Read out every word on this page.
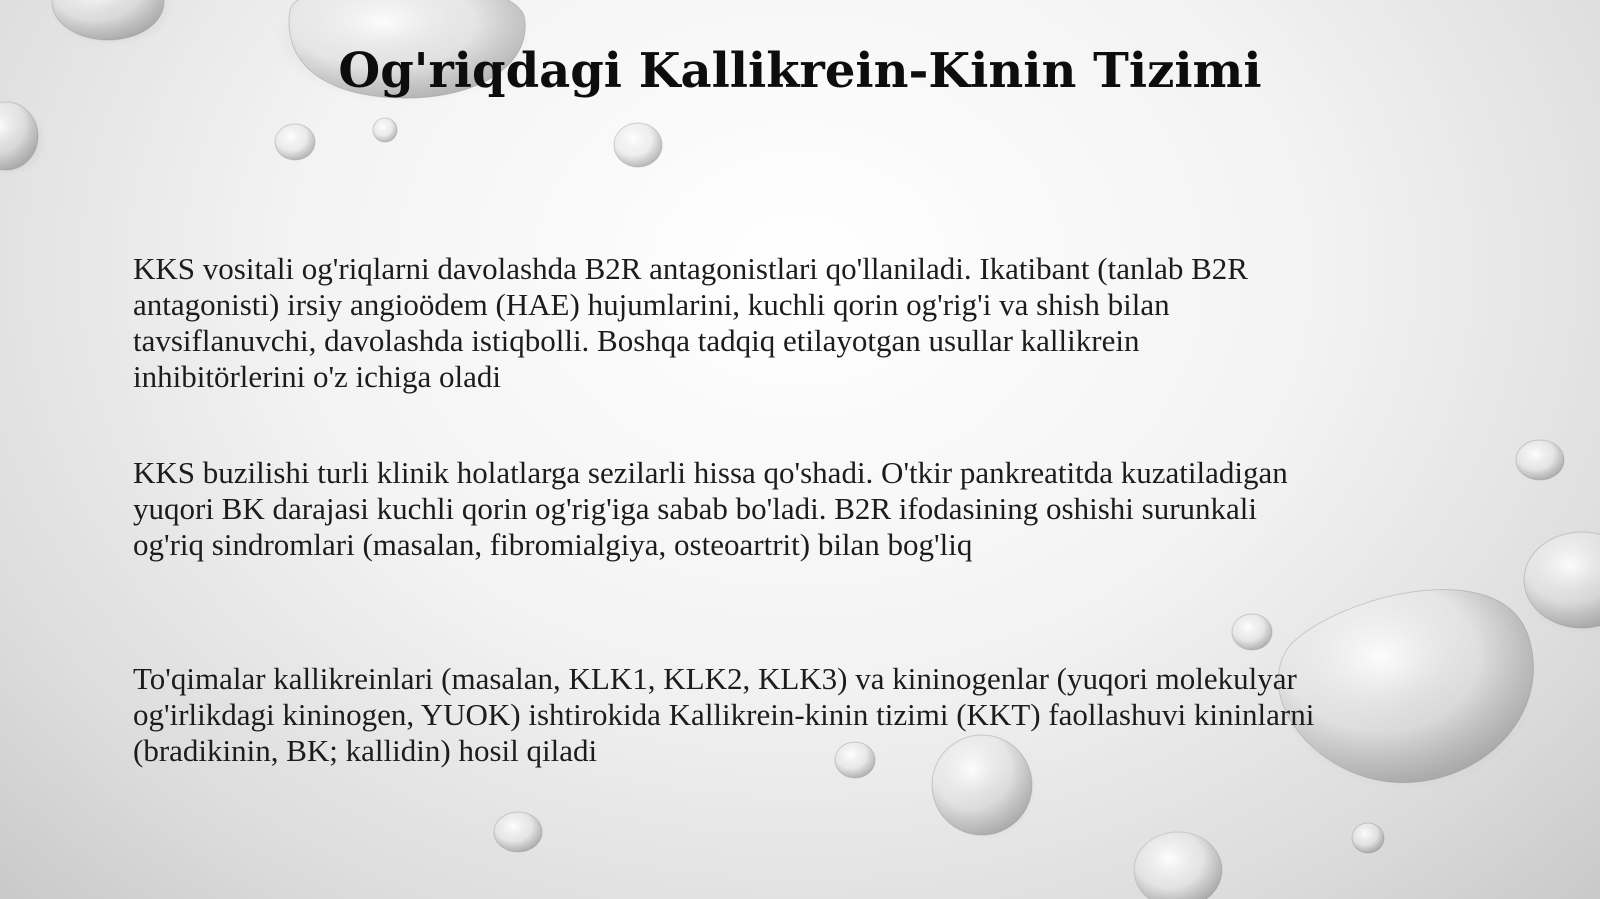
Og'riqdagi Kallikrein-Kinin Tizimi
KKS vositali og'riqlarni davolashda B2R antagonistlari qo'llaniladi. Ikatibant (tanlab B2R
antagonisti) irsiy angioödem (HAE) hujumlarini, kuchli qorin og'rig'i va shish bilan
tavsiflanuvchi, davolashda istiqbolli. Boshqa tadqiq etilayotgan usullar kallikrein
inhibitörlerini o'z ichiga oladi
KKS buzilishi turli klinik holatlarga sezilarli hissa qo'shadi. O'tkir pankreatitda kuzatiladigan
yuqori BK darajasi kuchli qorin og'rig'iga sabab bo'ladi. B2R ifodasining oshishi surunkali
og'riq sindromlari (masalan, fibromialgiya, osteoartrit) bilan bog'liq
To'qimalar kallikreinlari (masalan, KLK1, KLK2, KLK3) va kininogenlar (yuqori molekulyar
og'irlikdagi kininogen, YUOK) ishtirokida Kallikrein-kinin tizimi (KKT) faollashuvi kininlarni
(bradikinin, BK; kallidin) hosil qiladi
